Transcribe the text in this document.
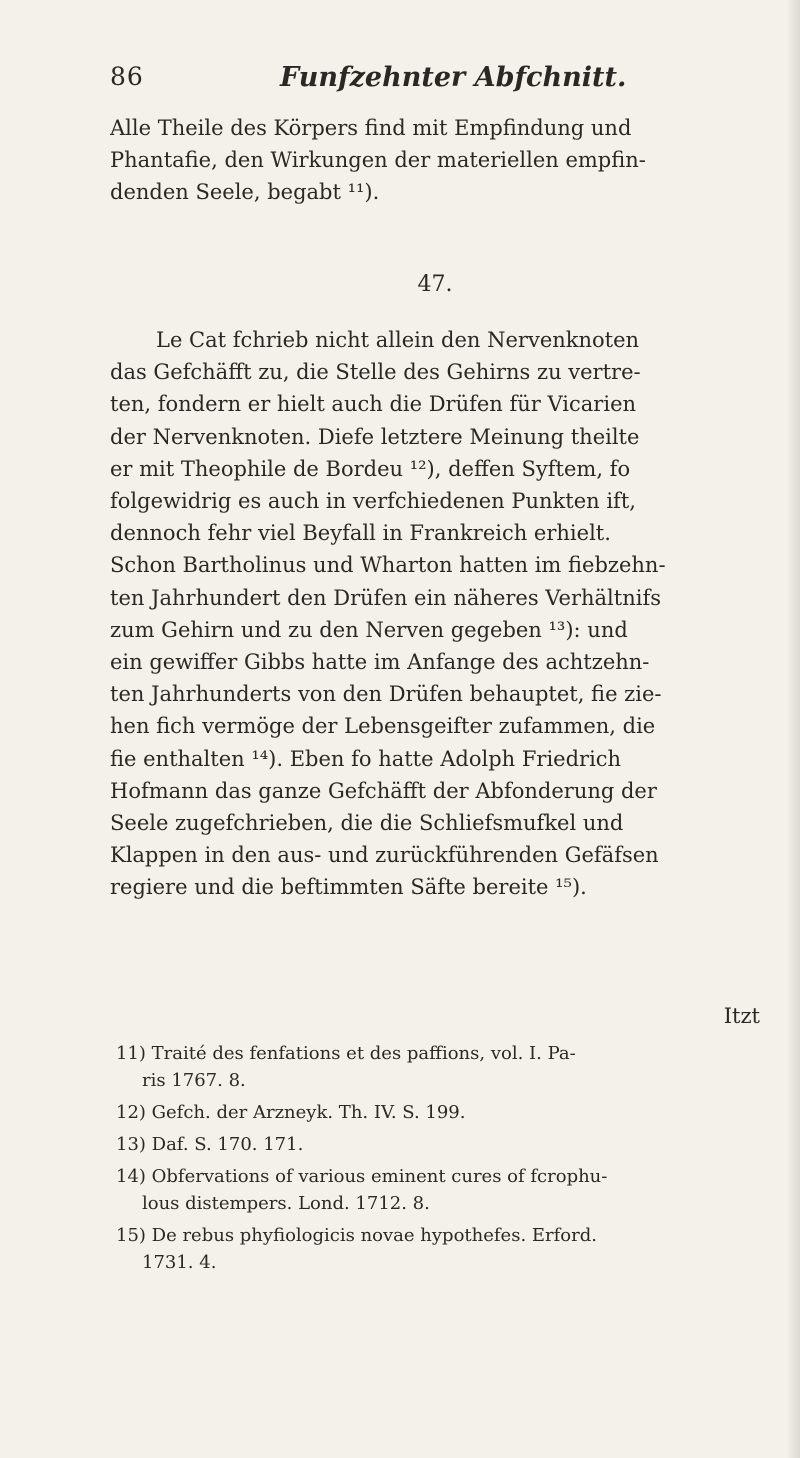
86	Funfzehnter Abfchnitt.

Alle Theile des Körpers find mit Empfindung und
Phantafie, den Wirkungen der materiellen empfin-
denden Seele, begabt ¹¹).

47.

Le Cat fchrieb nicht allein den Nervenknoten
das Gefchäfft zu, die Stelle des Gehirns zu vertre-
ten, fondern er hielt auch die Drüfen für Vicarien
der Nervenknoten. Diefe letztere Meinung theilte
er mit Theophile de Bordeu ¹²), deffen Syftem, fo
folgewidrig es auch in verfchiedenen Punkten ift,
dennoch fehr viel Beyfall in Frankreich erhielt.
Schon Bartholinus und Wharton hatten im fiebzehn-
ten Jahrhundert den Drüfen ein näheres Verhältnifs
zum Gehirn und zu den Nerven gegeben ¹³): und
ein gewiffer Gibbs hatte im Anfange des achtzehn-
ten Jahrhunderts von den Drüfen behauptet, fie zie-
hen fich vermöge der Lebensgeifter zufammen, die
fie enthalten ¹⁴). Eben fo hatte Adolph Friedrich
Hofmann das ganze Gefchäfft der Abfonderung der
Seele zugefchrieben, die die Schliefsmufkel und
Klappen in den aus- und zurückführenden Gefäfsen
regiere und die beftimmten Säfte bereite ¹⁵).

Itzt

11) Traité des fenfations et des paffions, vol. I. Pa-
ris 1767. 8.

12) Gefch. der Arzneyk. Th. IV. S. 199.

13) Daf. S. 170. 171.

14) Obfervations of various eminent cures of fcrophu-
lous distempers. Lond. 1712. 8.

15) De rebus phyfiologicis novae hypothefes. Erford.
1731. 4.
